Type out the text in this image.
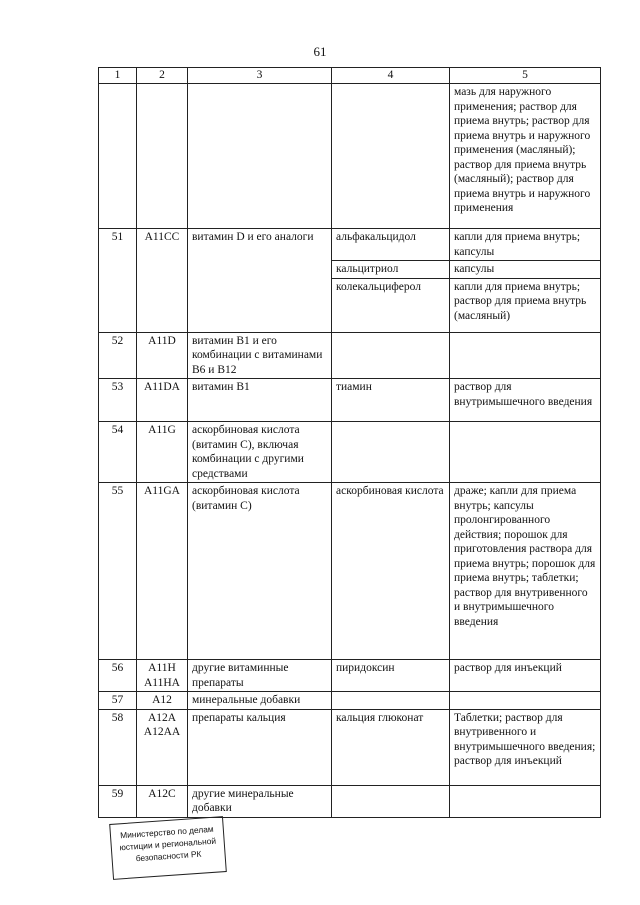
61
1	2	3	4	5
				мазь для наружного применения; раствор для приема внутрь; раствор для приема внутрь и наружного применения (масляный); раствор для приема внутрь (масляный); раствор для приема внутрь и наружного применения
51	A11CC	витамин D и его аналоги	альфакальцидол	капли для приема внутрь; капсулы
			кальцитриол	капсулы
			колекальциферол	капли для приема внутрь; раствор для приема внутрь (масляный)
52	A11D	витамин В1 и его комбинации с витаминами В6 и В12		
53	A11DA	витамин В1	тиамин	раствор для внутримышечного введения
54	A11G	аскорбиновая кислота (витамин С), включая комбинации с другими средствами		
55	A11GA	аскорбиновая кислота (витамин С)	аскорбиновая кислота	драже; капли для приема внутрь; капсулы пролонгированного действия; порошок для приготовления раствора для приема внутрь; порошок для приема внутрь; таблетки; раствор для внутривенного и внутримышечного введения
56	A11H A11HA	другие витаминные препараты	пиридоксин	раствор для инъекций
57	A12	минеральные добавки		
58	A12A A12AA	препараты кальция	кальция глюконат	Таблетки; раствор для внутривенного и внутримышечного введения; раствор для инъекций
59	A12C	другие минеральные добавки		
Министерство по делам
юстиции и региональной
безопасности РК
